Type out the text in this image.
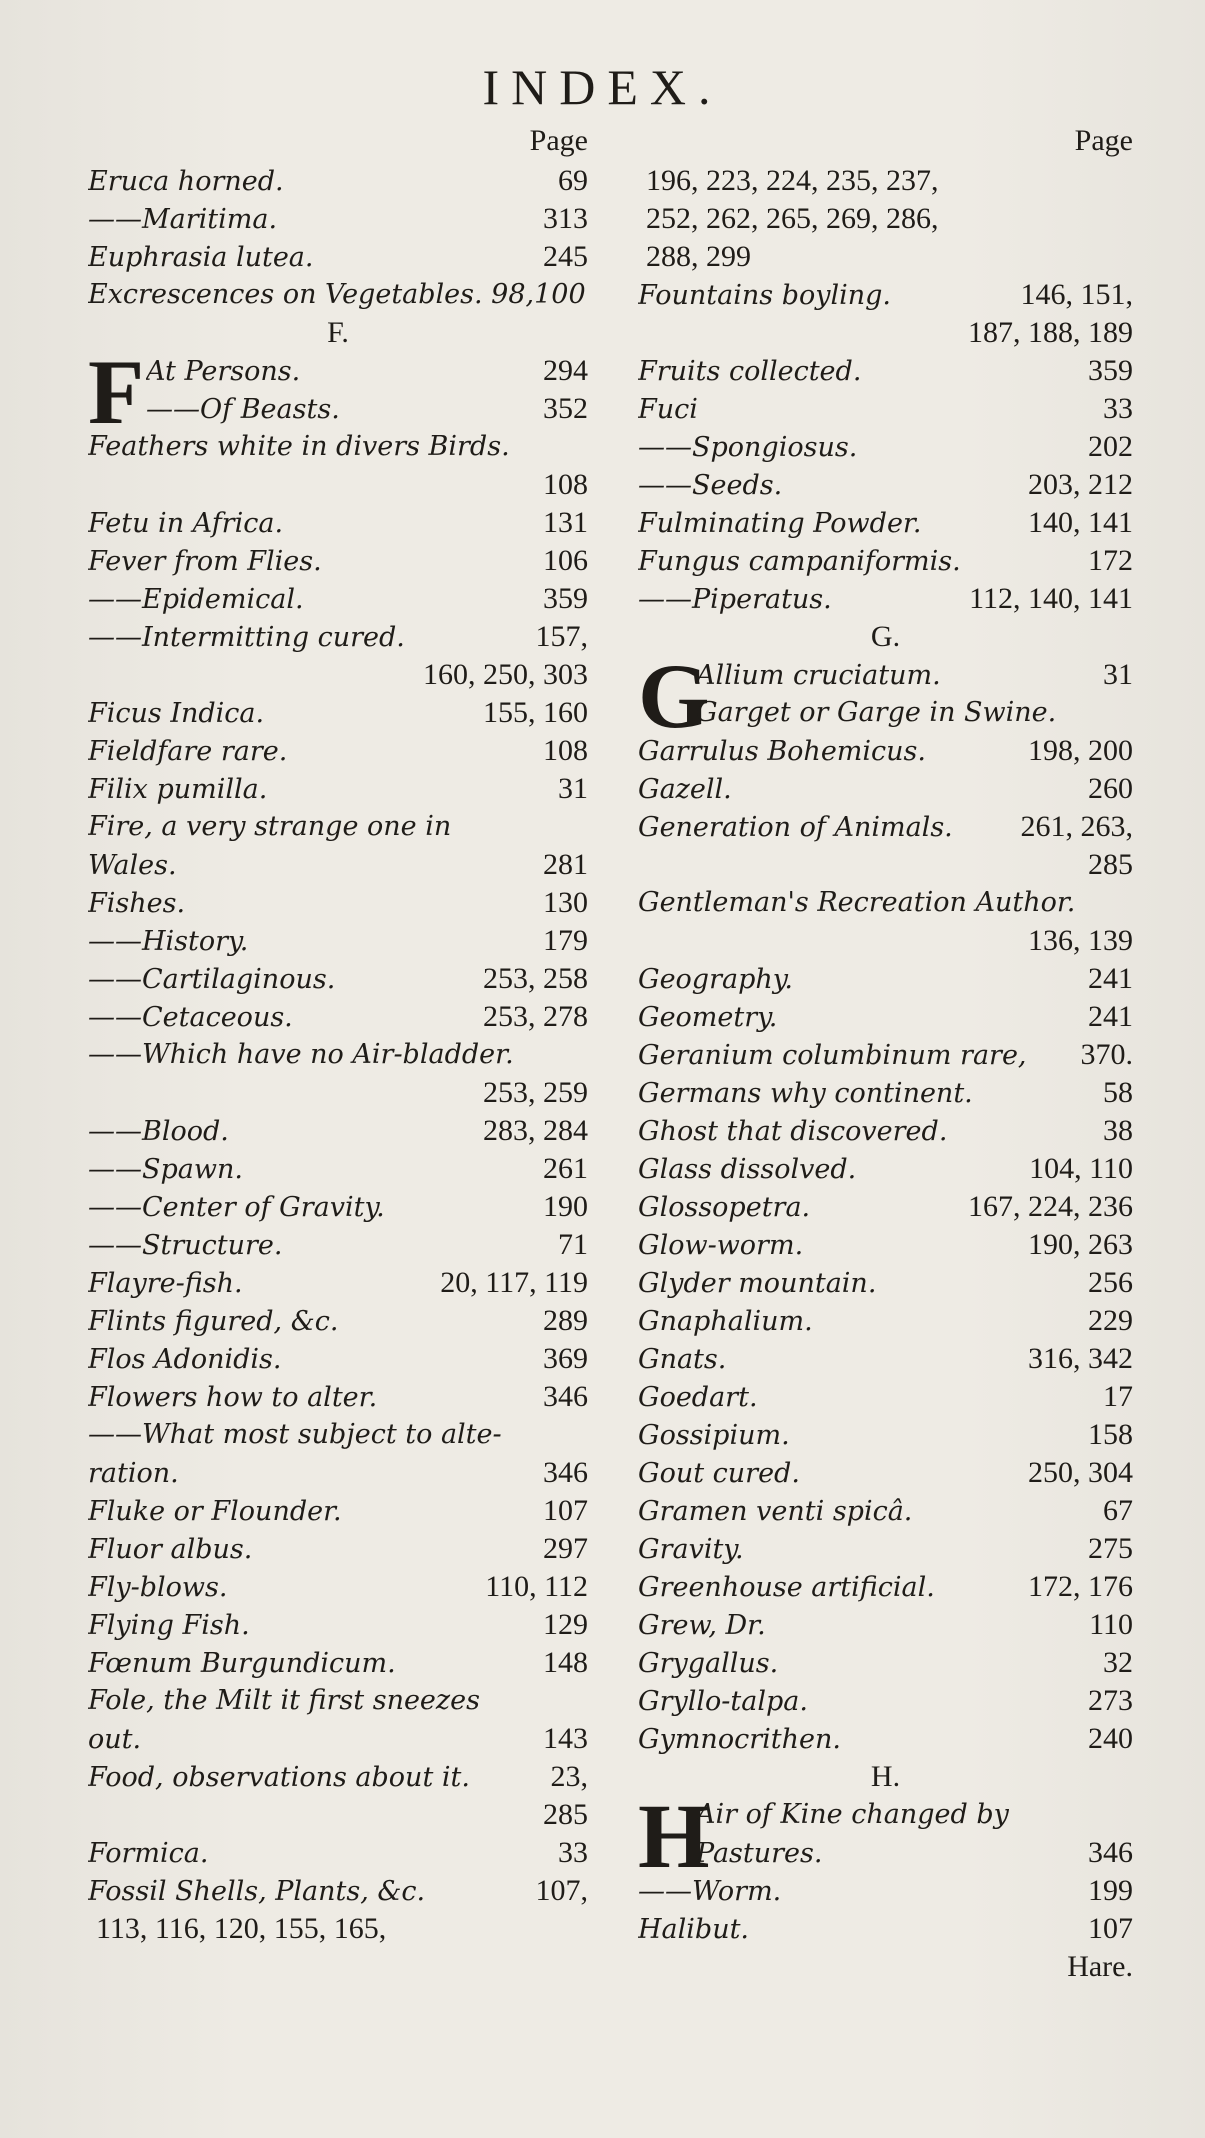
INDEX.
Page
Eruca horned.	69
——Maritima.	313
Euphrasia lutea.	245
Excrescences on Vegetables. 98,100
F.
F At Persons.	294
——Of Beasts.	352
Feathers white in divers Birds.
108
Fetu in Africa.	131
Fever from Flies.	106
——Epidemical.	359
——Intermitting cured.	157,
160, 250, 303
Ficus Indica.	155, 160
Fieldfare rare.	108
Filix pumilla.	31
Fire, a very strange one in
Wales.	281
Fishes.	130
——History.	179
——Cartilaginous.	253, 258
——Cetaceous.	253, 278
——Which have no Air-bladder.
253, 259
——Blood.	283, 284
——Spawn.	261
——Center of Gravity.	190
——Structure.	71
Flayre-fish.	20, 117, 119
Flints figured, &c.	289
Flos Adonidis.	369
Flowers how to alter.	346
——What most subject to alte-
ration.	346
Fluke or Flounder.	107
Fluor albus.	297
Fly-blows.	110, 112
Flying Fish.	129
Fœnum Burgundicum.	148
Fole, the Milt it first sneezes
out.	143
Food, observations about it.	23,
285
Formica.	33
Fossil Shells, Plants, &c.	107,
113, 116, 120, 155, 165,
Page
196, 223, 224, 235, 237,
252, 262, 265, 269, 286,
288, 299
Fountains boyling.	146, 151,
187, 188, 189
Fruits collected.	359
Fuci	33
——Spongiosus.	202
——Seeds.	203, 212
Fulminating Powder.	140, 141
Fungus campaniformis.	172
——Piperatus.	112, 140, 141
G.
G
Allium cruciatum.	31
Garget or Garge in Swine.
Garrulus Bohemicus.	198, 200
Gazell.	260
Generation of Animals. 261, 263,
285
Gentleman's Recreation Author.
136, 139
Geography.	241
Geometry.	241
Geranium columbinum rare, 370.
Germans why continent.	58
Ghost that discovered.	38
Glass dissolved.	104, 110
Glossopetra.	167, 224, 236
Glow-worm.	190, 263
Glyder mountain.	256
Gnaphalium.	229
Gnats.	316, 342
Goedart.	17
Gossipium.	158
Gout cured.	250, 304
Gramen venti spicâ.	67
Gravity.	275
Greenhouse artificial.	172, 176
Grew, Dr.	110
Grygallus.	32
Gryllo-talpa.	273
Gymnocrithen.	240
H.
H
Air of Kine changed by
Pastures.	346
——Worm.	199
Halibut.	107
Hare.
